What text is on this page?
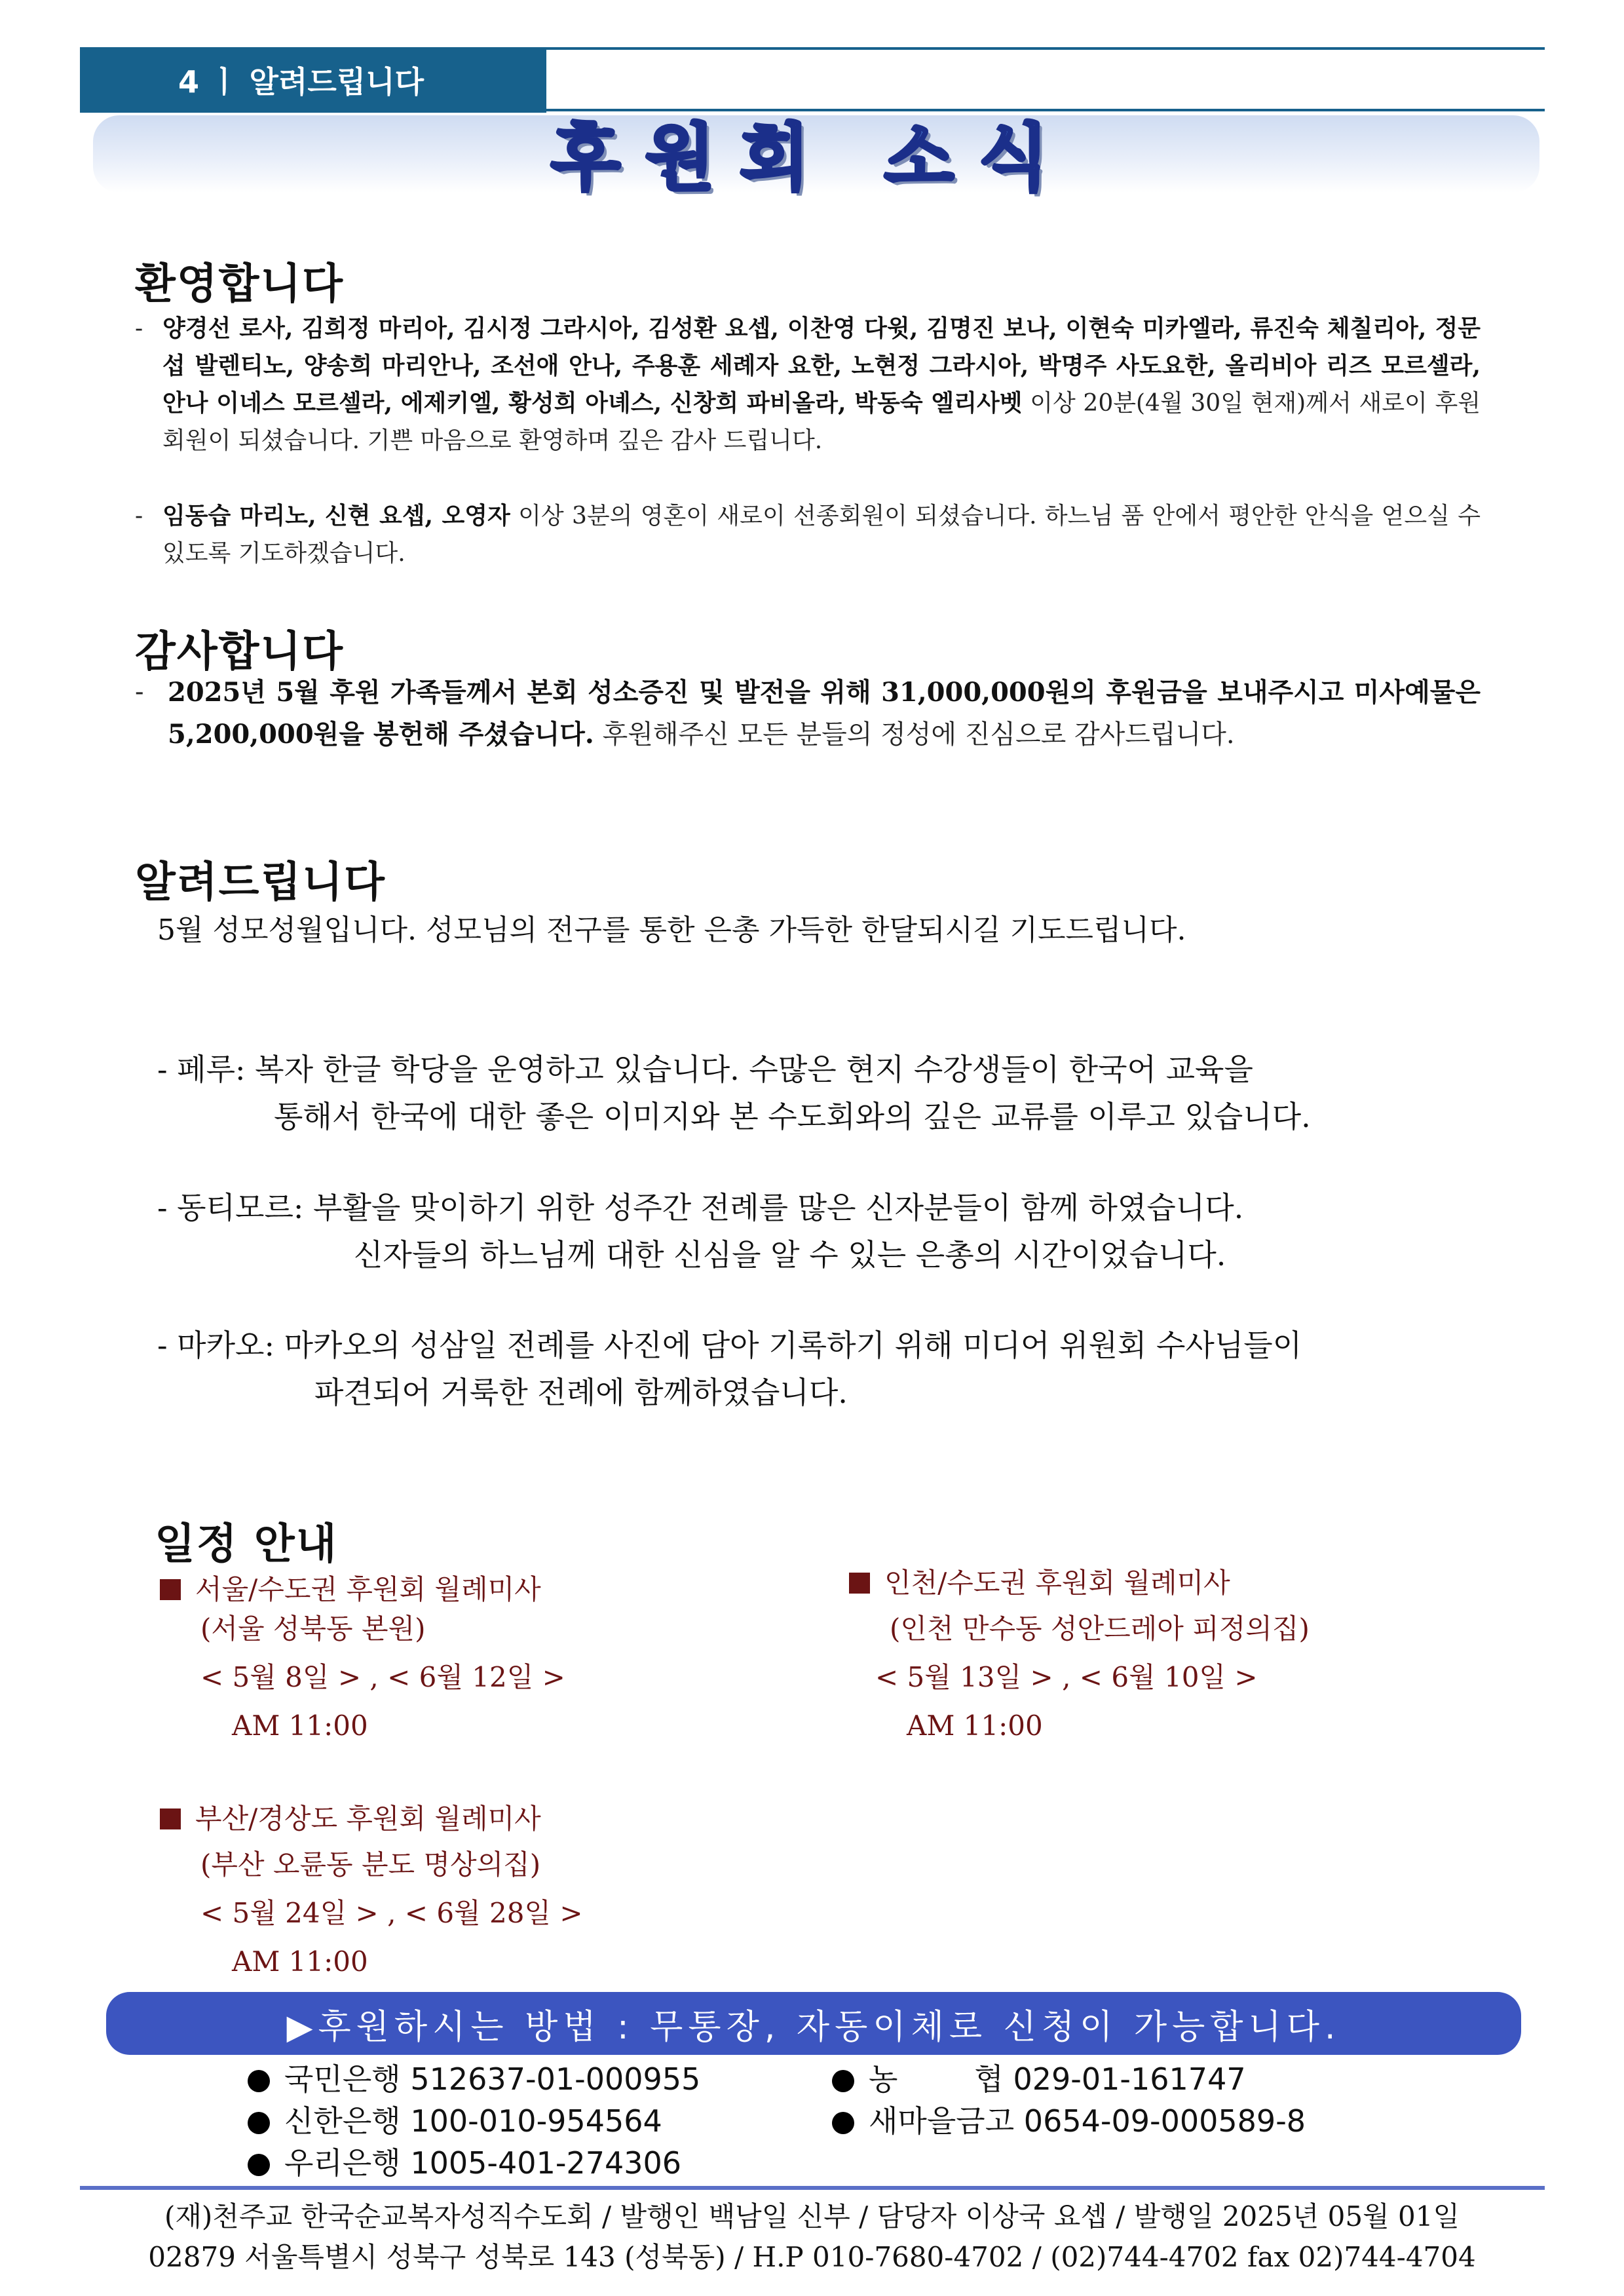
4 ㅣ 알려드립니다
후원회 소식
환영합니다
- 양경선 로사, 김희정 마리아, 김시정 그라시아, 김성환 요셉, 이찬영 다윗, 김명진 보나, 이현숙 미카엘라, 류진숙 체칠리아, 정문섭 발렌티노, 양송희 마리안나, 조선애 안나, 주용훈 세례자 요한, 노현정 그라시아, 박명주 사도요한, 올리비아 리즈 모르셀라, 안나 이네스 모르셀라, 에제키엘, 황성희 아녜스, 신창희 파비올라, 박동숙 엘리사벳 이상 20분(4월 30일 현재)께서 새로이 후원회원이 되셨습니다. 기쁜 마음으로 환영하며 깊은 감사 드립니다.
- 임동습 마리노, 신현 요셉, 오영자 이상 3분의 영혼이 새로이 선종회원이 되셨습니다. 하느님 품 안에서 평안한 안식을 얻으실 수 있도록 기도하겠습니다.
감사합니다
- 2025년 5월 후원 가족들께서 본회 성소증진 및 발전을 위해 31,000,000원의 후원금을 보내주시고 미사예물은 5,200,000원을 봉헌해 주셨습니다. 후원해주신 모든 분들의 정성에 진심으로 감사드립니다.
알려드립니다
5월 성모성월입니다. 성모님의 전구를 통한 은총 가득한 한달되시길 기도드립니다.
- 페루: 복자 한글 학당을 운영하고 있습니다. 수많은 현지 수강생들이 한국어 교육을
통해서 한국에 대한 좋은 이미지와 본 수도회와의 깊은 교류를 이루고 있습니다.
- 동티모르: 부활을 맞이하기 위한 성주간 전례를 많은 신자분들이 함께 하였습니다.
신자들의 하느님께 대한 신심을 알 수 있는 은총의 시간이었습니다.
- 마카오: 마카오의 성삼일 전례를 사진에 담아 기록하기 위해 미디어 위원회 수사님들이
파견되어 거룩한 전례에 함께하였습니다.
일정 안내
서울/수도권 후원회 월례미사
(서울 성북동 본원)
< 5월 8일 > , < 6월 12일 >
AM 11:00
인천/수도권 후원회 월례미사
(인천 만수동 성안드레아 피정의집)
< 5월 13일 > , < 6월 10일 >
AM 11:00
부산/경상도 후원회 월례미사
(부산 오륜동 분도 명상의집)
< 5월 24일 > , < 6월 28일 >
AM 11:00
▶후원하시는 방법 : 무통장, 자동이체로 신청이 가능합니다.
국민은행 512637-01-000955
신한은행 100-010-954564
우리은행 1005-401-274306
농        협 029-01-161747
새마을금고 0654-09-000589-8
(재)천주교 한국순교복자성직수도회 / 발행인 백남일 신부 / 담당자 이상국 요셉 / 발행일 2025년 05월 01일
02879 서울특별시 성북구 성북로 143 (성북동) / H.P 010-7680-4702 / (02)744-4702 fax 02)744-4704
